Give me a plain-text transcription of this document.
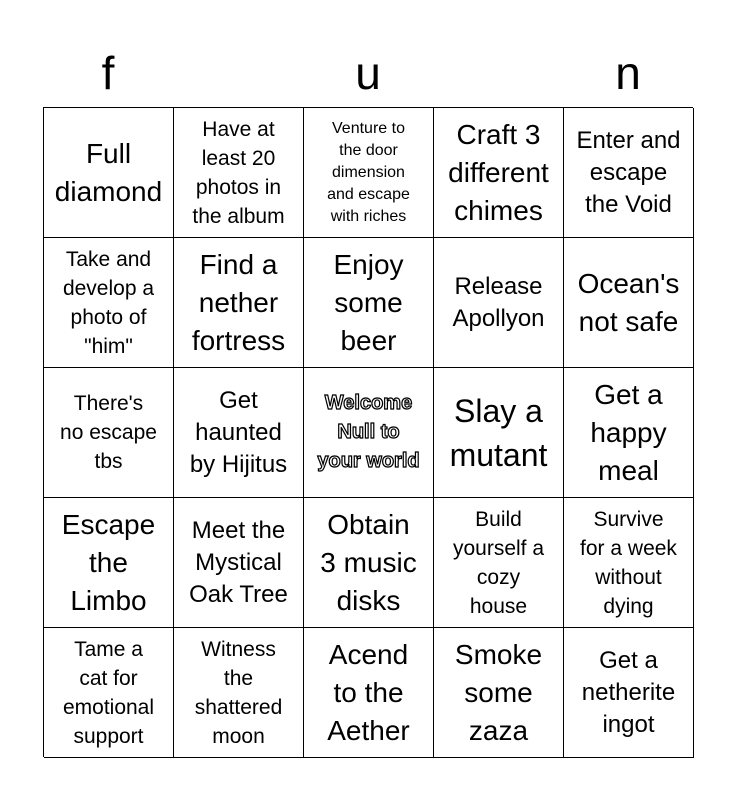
f	u	n
Full
diamond
Have at
least 20
photos in
the album
Venture to
the door
dimension
and escape
with riches
Craft 3
different
chimes
Enter and
escape
the Void
Take and
develop a
photo of
"him"
Find a
nether
fortress
Enjoy
some
beer
Release
Apollyon
Ocean's
not safe
There's
no escape
tbs
Get
haunted
by Hijitus
Welcome
Null to
your world
Slay a
mutant
Get a
happy
meal
Escape
the
Limbo
Meet the
Mystical
Oak Tree
Obtain
3 music
disks
Build
yourself a
cozy
house
Survive
for a week
without
dying
Tame a
cat for
emotional
support
Witness
the
shattered
moon
Acend
to the
Aether
Smoke
some
zaza
Get a
netherite
ingot
